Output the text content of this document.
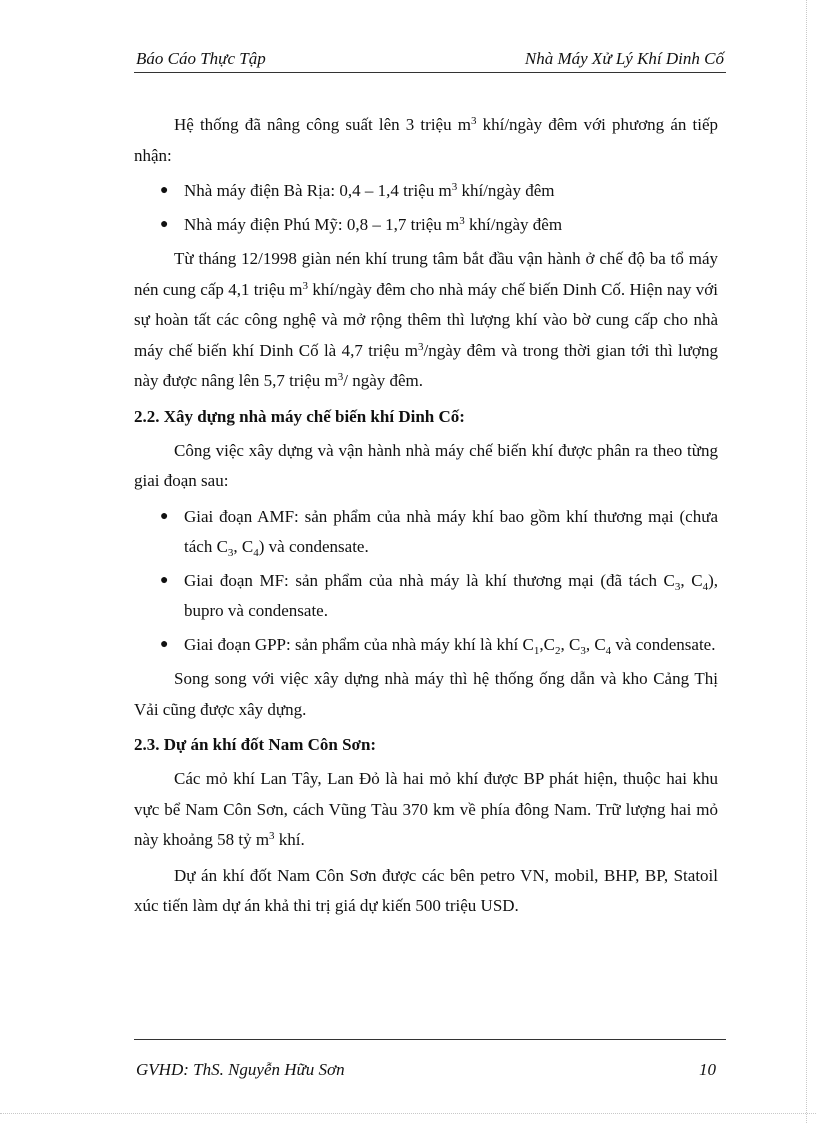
Báo Cáo Thực Tập	Nhà Máy Xử Lý Khí Dinh Cố

Hệ thống đã nâng công suất lên 3 triệu $m^3$ khí/ngày đêm với phương án tiếp nhận:

● Nhà máy điện Bà Rịa: 0,4 – 1,4 triệu $m^3$ khí/ngày đêm
● Nhà máy điện Phú Mỹ: 0,8 – 1,7 triệu $m^3$ khí/ngày đêm

Từ tháng 12/1998 giàn nén khí trung tâm bắt đầu vận hành ở chế độ ba tổ máy nén cung cấp 4,1 triệu $m^3$ khí/ngày đêm cho nhà máy chế biến Dinh Cố. Hiện nay với sự hoàn tất các công nghệ và mở rộng thêm thì lượng khí vào bờ cung cấp cho nhà máy chế biến khí Dinh Cố là 4,7 triệu $m^3$/ngày đêm và trong thời gian tới thì lượng này được nâng lên 5,7 triệu $m^3/$ ngày đêm.

2.2. Xây dựng nhà máy chế biến khí Dinh Cố:

Công việc xây dựng và vận hành nhà máy chế biến khí được phân ra theo từng giai đoạn sau:

● Giai đoạn AMF: sản phẩm của nhà máy khí bao gồm khí thương mại (chưa tách $C_3$, $C_4$) và condensate.
● Giai đoạn MF: sản phẩm của nhà máy là khí thương mại (đã tách $C_3$, $C_4$), bupro và condensate.
● Giai đoạn GPP: sản phẩm của nhà máy khí là khí $C_1,C_2$, $C_3$, $C_4$ và condensate.

Song song với việc xây dựng nhà máy thì hệ thống ống dẫn và kho Cảng Thị Vải cũng được xây dựng.

2.3. Dự án khí đốt Nam Côn Sơn:

Các mỏ khí Lan Tây, Lan Đỏ là hai mỏ khí được BP phát hiện, thuộc hai khu vực bể Nam Côn Sơn, cách Vũng Tàu 370 km về phía đông Nam. Trữ lượng hai mỏ này khoảng 58 tỷ $m^3$ khí.

Dự án khí đốt Nam Côn Sơn được các bên petro VN, mobil, BHP, BP, Statoil xúc tiến làm dự án khả thi trị giá dự kiến 500 triệu USD.

GVHD: ThS. Nguyễn Hữu Sơn	10
